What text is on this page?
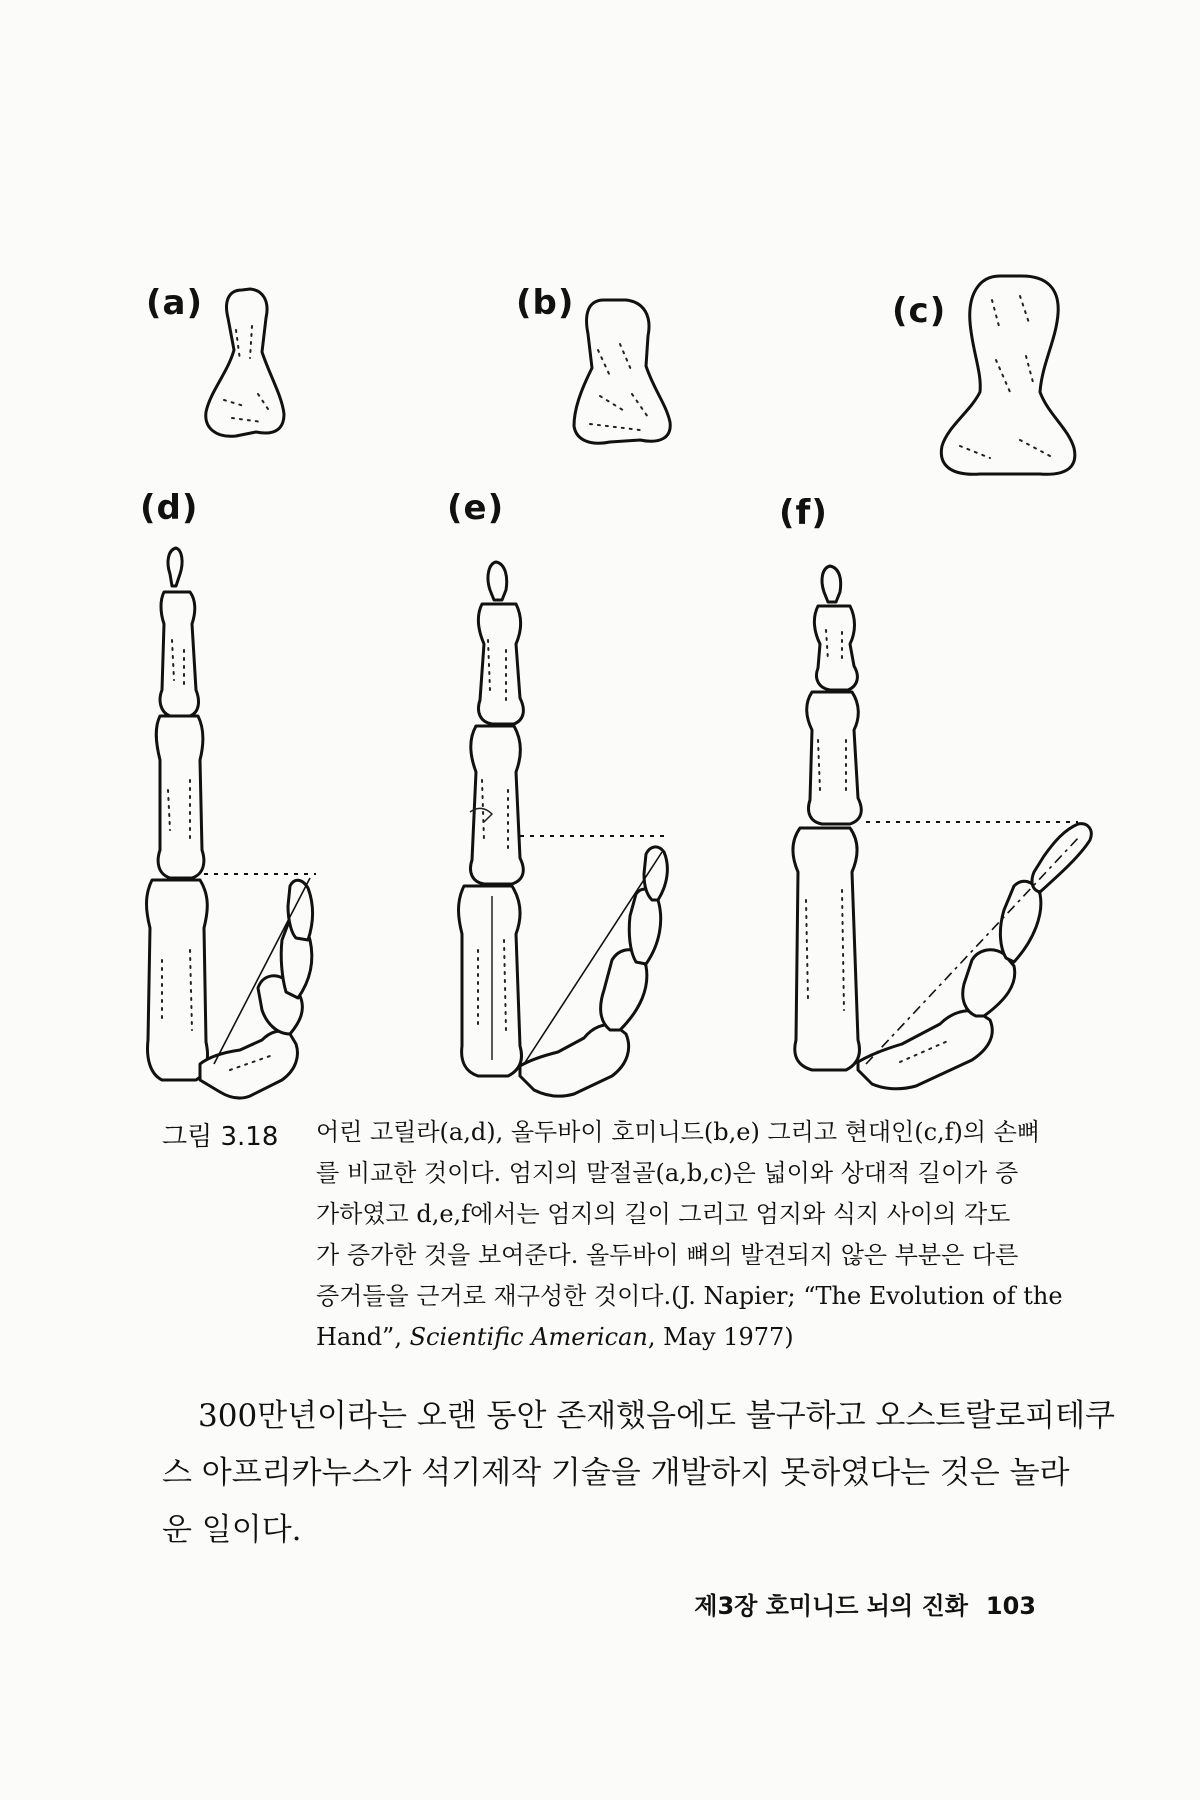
(a)	(b)	(c)
(d)	(e)	(f)
그림 3.18 어린 고릴라(a,d), 올두바이 호미니드(b,e) 그리고 현대인(c,f)의 손뼈
를 비교한 것이다. 엄지의 말절골(a,b,c)은 넓이와 상대적 길이가 증
가하였고 d,e,f에서는 엄지의 길이 그리고 엄지와 식지 사이의 각도
가 증가한 것을 보여준다. 올두바이 뼈의 발견되지 않은 부분은 다른
증거들을 근거로 재구성한 것이다.(J. Napier; “The Evolution of the
Hand”, Scientific American, May 1977)
300만년이라는 오랜 동안 존재했음에도 불구하고 오스트랄로피테쿠
스 아프리카누스가 석기제작 기술을 개발하지 못하였다는 것은 놀라
운 일이다.
제3장 호미니드 뇌의 진화 103
